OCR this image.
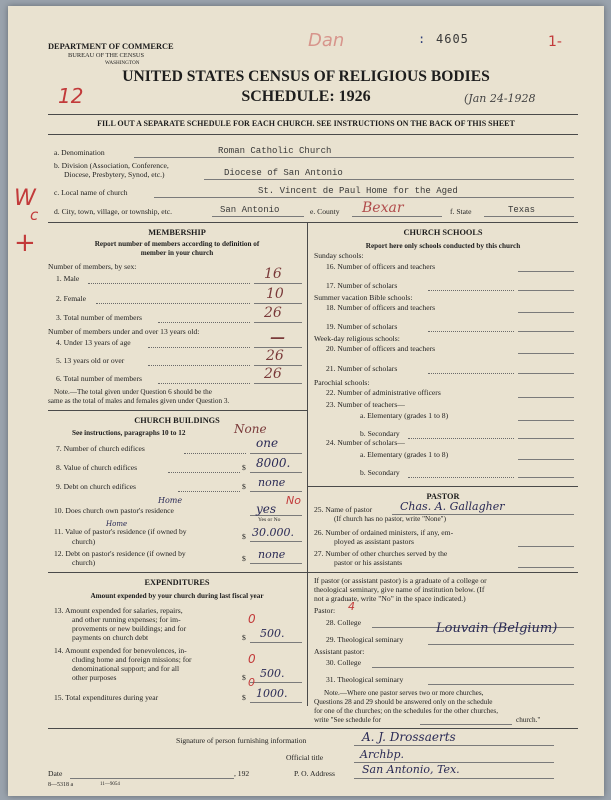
DEPARTMENT OF COMMERCE
BUREAU OF THE CENSUS
WASHINGTON
UNITED STATES CENSUS OF RELIGIOUS BODIES
SCHEDULE: 1926
: 4605
Dan	1-
12	(Jan 24-1928
FILL OUT A SEPARATE SCHEDULE FOR EACH CHURCH. SEE INSTRUCTIONS ON THE BACK OF THIS SHEET
a. Denomination	Roman Catholic Church
b. Division (Association, Conference,
Diocese, Presbytery, Synod, etc.)	Diocese of San Antonio
W
c
+
c. Local name of church	St. Vincent de Paul Home for the Aged
d. City, town, village, or township, etc.	San Antonio	e. County Bexar	f. State	Texas
MEMBERSHIP
Report number of members according to definition of
member in your church
Number of members, by sex:
1. Male	16
2. Female	10
3. Total number of members	26
Number of members under and over 13 years old:
4. Under 13 years of age	—
5. 13 years old or over	26
6. Total number of members	26
Note.—The total given under Question 6 should be the
same as the total of males and females given under Question 3.
CHURCH BUILDINGS
See instructions, paragraphs 10 to 12	None
7. Number of church edifices	one
8. Value of church edifices	$ 8000.
9. Debt on church edifices	$ none
Home
10. Does church own pastor's residence	yes
No
Yes or No
Home
11. Value of pastor's residence (if owned by
church)
$ 30.000.
12. Debt on pastor's residence (if owned by
church)	$ none
EXPENDITURES
Amount expended by your church during last fiscal year
13. Amount expended for salaries, repairs,
and other running expenses; for im-
provements or new buildings; and for
payments on church debt
0
$ 500.
14. Amount expended for benevolences, in-
cluding home and foreign missions; for
denominational support; and for all
other purposes
0
$ 500.
15. Total expenditures during year
0
$ 1000.
CHURCH SCHOOLS
Report here only schools conducted by this church
Sunday schools:
16. Number of officers and teachers
17. Number of scholars
Summer vacation Bible schools:
18. Number of officers and teachers
19. Number of scholars
Week-day religious schools:
20. Number of officers and teachers
21. Number of scholars
Parochial schools:
22. Number of administrative officers
23. Number of teachers—
a. Elementary (grades 1 to 8)
b. Secondary
24. Number of scholars—
a. Elementary (grades 1 to 8)
b. Secondary
PASTOR
25. Name of pastor	Chas. A. Gallagher
(If church has no pastor, write "None")
26. Number of ordained ministers, if any, em-
ployed as assistant pastors
27. Number of other churches served by the
pastor or his assistants
If pastor (or assistant pastor) is a graduate of a college or
theological seminary, give name of institution below. (If
not a graduate, write "No" in the space indicated.)
Pastor: 4
28. College
29. Theological seminary
Louvain (Belgium)
Assistant pastor:
30. College
31. Theological seminary
Note.—Where one pastor serves two or more churches,
Questions 28 and 29 should be answered only on the schedule
for one of the churches; on the schedules for the other churches,
write "See schedule for	church."
Signature of person furnishing information	A. J. Drossaerts
Official title	Archbp.
Date	, 192	P. O. Address San Antonio, Tex.
8—5318 a	11—9054
